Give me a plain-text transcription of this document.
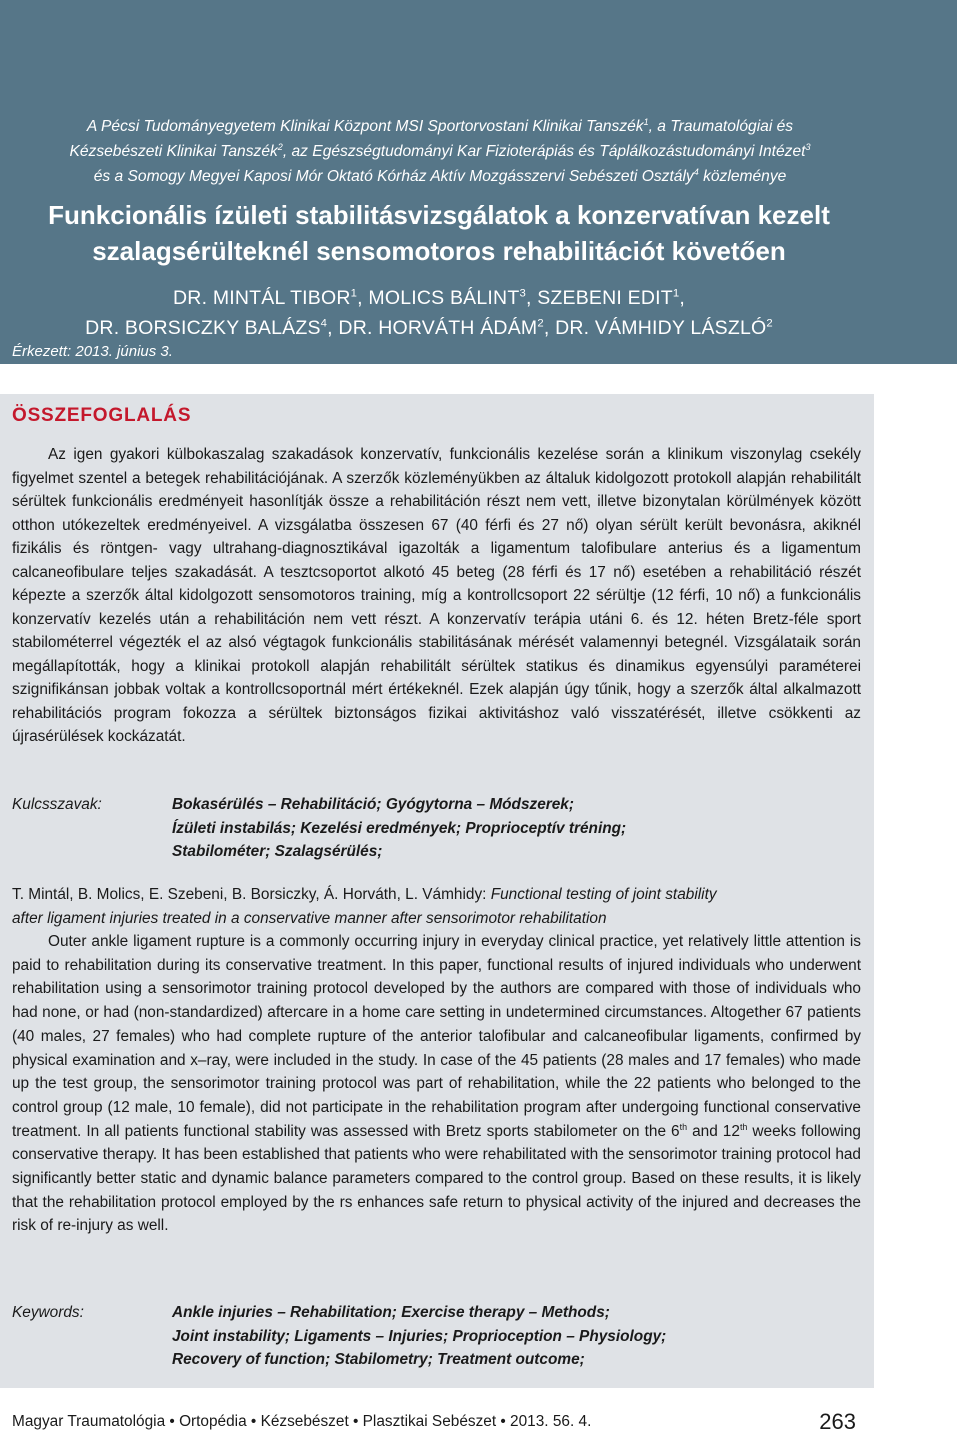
A Pécsi Tudományegyetem Klinikai Központ MSI Sportorvostani Klinikai Tanszék$^1$, a Traumatológiai és
Kézsebészeti Klinikai Tanszék$^2$, az Egészségtudományi Kar Fizioterápiás és Táplálkozástudományi Intézet$^3$
és a Somogy Megyei Kaposi Mór Oktató Kórház Aktív Mozgásszervi Sebészeti Osztály$^4$ közleménye
Funkcionális ízületi stabilitásvizsgálatok a konzervatívan kezelt
szalagsérülteknél sensomotoros rehabilitációt követően
DR. MINTÁL TIBOR$^1$, MOLICS BÁLINT$^3$, SZEBENI EDIT$^1$,
DR. BORSICZKY BALÁZS$^4$, DR. HORVÁTH ÁDÁM$^2$, DR. VÁMHIDY LÁSZLÓ$^2$
Érkezett: 2013. június 3.
ÖSSZEFOGLALÁS

Az igen gyakori külbokaszalag szakadások konzervatív, funkcionális kezelése során a klinikum viszonylag csekély figyelmet szentel a betegek rehabilitációjának. A szerzők közleményükben az általuk kidolgozott protokoll alapján rehabilitált sérültek funkcionális eredményeit hasonlítják össze a rehabilitáción részt nem vett, illetve bizonytalan körülmények között otthon utókezeltek eredményeivel. A vizsgálatba összesen 67 (40 férfi és 27 nő) olyan sérült került bevonásra, akiknél fizikális és röntgen- vagy ultrahang-diagnosztikával igazolták a ligamentum talofibulare anterius és a ligamentum calcaneofibulare teljes szakadását. A tesztcsoportot alkotó 45 beteg (28 férfi és 17 nő) esetében a rehabilitáció részét képezte a szerzők által kidolgozott sensomotoros training, míg a kontrollcsoport 22 sérültje (12 férfi, 10 nő) a funkcionális konzervatív kezelés után a rehabilitáción nem vett részt. A konzervatív terápia utáni 6. és 12. héten Bretz-féle sport stabilométerrel végezték el az alsó végtagok funkcionális stabilitásának mérését valamennyi betegnél. Vizsgálataik során megállapították, hogy a klinikai protokoll alapján rehabilitált sérültek statikus és dinamikus egyensúlyi paraméterei szignifikánsan jobbak voltak a kontrollcsoportnál mért értékeknél. Ezek alapján úgy tűnik, hogy a szerzők által alkalmazott rehabilitációs program fokozza a sérültek biztonságos fizikai aktivitáshoz való visszatérését, illetve csökkenti az újrasérülések kockázatát.

Kulcsszavak:	Bokasérülés – Rehabilitáció; Gyógytorna – Módszerek;
Ízületi instabilás; Kezelési eredmények; Proprioceptív tréning;
Stabilométer; Szalagsérülés;
T. Mintál, B. Molics, E. Szebeni, B. Borsiczky, Á. Horváth, L. Vámhidy: Functional testing of joint stability
after ligament injuries treated in a conservative manner after sensorimotor rehabilitation

Outer ankle ligament rupture is a commonly occurring injury in everyday clinical practice, yet relatively little attention is paid to rehabilitation during its conservative treatment. In this paper, functional results of injured individuals who underwent rehabilitation using a sensorimotor training protocol developed by the authors are compared with those of individuals who had none, or had (non-standardized) aftercare in a home care setting in undetermined circumstances. Altogether 67 patients (40 males, 27 females) who had complete rupture of the anterior talofibular and calcaneofibular ligaments, confirmed by physical examination and x–ray, were included in the study. In case of the 45 patients (28 males and 17 females) who made up the test group, the sensorimotor training protocol was part of rehabilitation, while the 22 patients who belonged to the control group (12 male, 10 female), did not participate in the rehabilitation program after undergoing functional conservative treatment. In all patients functional stability was assessed with Bretz sports stabilometer on the 6th and 12th weeks following conservative therapy. It has been established that patients who were rehabilitated with the sensorimotor training protocol had significantly better static and dynamic balance parameters compared to the control group. Based on these results, it is likely that the rehabilitation protocol employed by the rs enhances safe return to physical activity of the injured and decreases the risk of re-injury as well.

Keywords:	Ankle injuries – Rehabilitation; Exercise therapy – Methods;
Joint instability; Ligaments – Injuries; Proprioception – Physiology;
Recovery of function; Stabilometry; Treatment outcome;
Magyar Traumatológia • Ortopédia • Kézsebészet • Plasztikai Sebészet • 2013. 56. 4.	263
